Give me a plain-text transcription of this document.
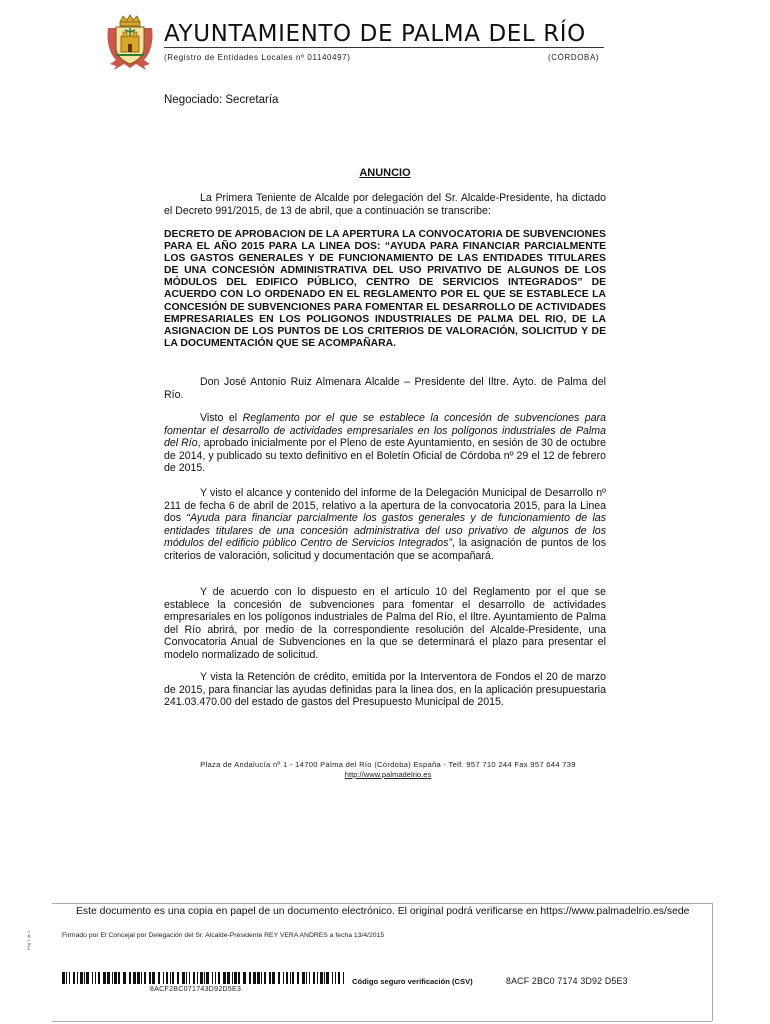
AYUNTAMIENTO DE PALMA DEL RÍO
(Registro de Entidades Locales nº 01140497)	(CÓRDOBA)
Negociado: Secretaría
ANUNCIO

La Primera Teniente de Alcalde por delegación del Sr. Alcalde-Presidente, ha dictado el Decreto 991/2015, de 13 de abril, que a continuación se transcribe:

DECRETO DE APROBACION DE LA APERTURA LA CONVOCATORIA DE SUBVENCIONES PARA EL AÑO 2015 PARA LA LINEA DOS: “AYUDA PARA FINANCIAR PARCIALMENTE LOS GASTOS GENERALES Y DE FUNCIONAMIENTO DE LAS ENTIDADES TITULARES DE UNA CONCESIÓN ADMINISTRATIVA DEL USO PRIVATIVO DE ALGUNOS DE LOS MÓDULOS DEL EDIFICO PÚBLICO, CENTRO DE SERVICIOS INTEGRADOS” DE ACUERDO CON LO ORDENADO EN EL REGLAMENTO POR EL QUE SE ESTABLECE LA CONCESIÓN DE SUBVENCIONES PARA FOMENTAR EL DESARROLLO DE ACTIVIDADES EMPRESARIALES EN LOS POLIGONOS INDUSTRIALES DE PALMA DEL RIO, DE LA ASIGNACION DE LOS PUNTOS DE LOS CRITERIOS DE VALORACIÓN, SOLICITUD Y DE LA DOCUMENTACIÓN QUE SE ACOMPAÑARA.

Don José Antonio Ruiz Almenara Alcalde – Presidente del Iltre. Ayto. de Palma del Río.

Visto el Reglamento por el que se establece la concesión de subvenciones para fomentar el desarrollo de actividades empresariales en los polígonos industriales de Palma del Río, aprobado inicialmente por el Pleno de este Ayuntamiento, en sesión de 30 de octubre de 2014, y publicado su texto definitivo en el Boletín Oficial de Córdoba nº 29 el 12 de febrero de 2015.

Y visto el alcance y contenido del informe de la Delegación Municipal de Desarrollo nº 211 de fecha 6 de abril de 2015, relativo a la apertura de la convocatoria 2015, para la Linea dos “Ayuda para financiar parcialmente los gastos generales y de funcionamiento de las entidades titulares de una concesión administrativa del uso privativo de algunos de los módulos del edificio público Centro de Servicios Integrados”, la asignación de puntos de los criterios de valoración, solicitud y documentación que se acompañará.

Y de acuerdo con lo dispuesto en el artículo 10 del Reglamento por el que se establece la concesión de subvenciones para fomentar el desarrollo de actividades empresariales en los polígonos industriales de Palma del Río, el Iltre. Ayuntamiento de Palma del Río abrirá, por medio de la correspondiente resolución del Alcalde-Presidente, una Convocatoria Anual de Subvenciones en la que se determinará el plazo para presentar el modelo normalizado de solicitud.

Y vista la Retención de crédito, emitida por la Interventora de Fondos el 20 de marzo de 2015, para financiar las ayudas definidas para la linea dos, en la aplicación presupuestaria 241.03.470.00 del estado de gastos del Presupuesto Municipal de 2015.

Plaza de Andalucía nº 1 - 14700 Palma del Río (Córdoba) España - Telf. 957 710 244 Fax 957 644 739
http://www.palmadelrio.es
Este documento es una copia en papel de un documento electrónico. El original podrá verificarse en https://www.palmadelrio.es/sede
Firmado por El Concejal por Delegación del Sr. Alcalde-Presidente REY VERA ANDRES a fecha 13/4/2015
Pág 1 de 2
8ACF2BC071743D92D5E3
Código seguro verificación (CSV)	8ACF 2BC0 7174 3D92 D5E3
